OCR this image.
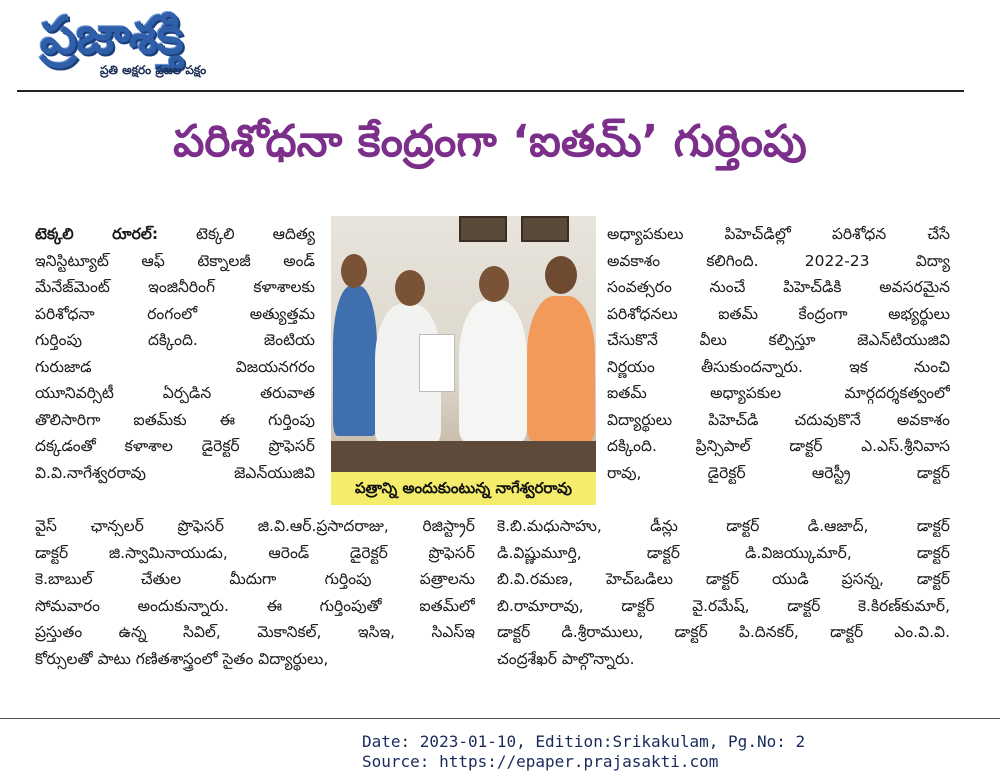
ప్రజాశక్తి
ప్రతి అక్షరం ప్రజల పక్షం
పరిశోధనా కేంద్రంగా ‘ఐతమ్‌’ గుర్తింపు
టెక్కలి రూరల్‌: టెక్కలి ఆదిత్య
ఇనిస్టిట్యూట్‌ ఆఫ్‌ టెక్నాలజీ అండ్‌
మేనేజ్‌మెంట్‌ ఇంజినీరింగ్‌ కళాశాలకు
పరిశోధనా రంగంలో అత్యుత్తమ
గుర్తింపు దక్కింది. జెంటియ
గురుజాడ విజయనగరం
యూనివర్సిటీ ఏర్పడిన తరువాత
తొలిసారిగా ఐతమ్‌కు ఈ గుర్తింపు
దక్కడంతో కళాశాల డైరెక్టర్‌ ప్రొఫెసర్‌
వి.వి.నాగేశ్వరరావు జెఎన్‌యుజివి
పత్రాన్ని అందుకుంటున్న నాగేశ్వరరావు
అధ్యాపకులు పిహెచ్‌డిల్లో పరిశోధన చేసే
అవకాశం కలిగింది. 2022-23 విద్యా
సంవత్సరం నుంచే పిహెచ్‌డికి అవసరమైన
పరిశోధనలు ఐతమ్‌ కేంద్రంగా అభ్యర్థులు
చేసుకొనే వీలు కల్పిస్తూ జెఎన్‌టియుజివి
నిర్ణయం తీసుకుందన్నారు. ఇక నుంచి
ఐతమ్‌ అధ్యాపకుల మార్గదర్శకత్వంలో
విద్యార్థులు పిహెచ్‌డి చదువుకొనే అవకాశం
దక్కింది. ప్రిన్సిపాల్‌ డాక్టర్‌ ఎ.ఎస్‌.శ్రీనివాస
రావు, డైరెక్టర్‌ ఆరెస్ట్రీ డాక్టర్‌
వైస్‌ ఛాన్సలర్‌ ప్రొఫెసర్‌ జి.వి.ఆర్‌.ప్రసాదరాజు, రిజిస్ట్రార్‌
డాక్టర్‌ జి.స్వామినాయుడు, ఆరెండ్‌ డైరెక్టర్‌ ప్రొఫెసర్‌
కె.బాబుల్‌ చేతుల మీదుగా గుర్తింపు పత్రాలను
సోమవారం అందుకున్నారు. ఈ గుర్తింపుతో ఐతమ్‌లో
ప్రస్తుతం ఉన్న సివిల్‌, మెకానికల్‌, ఇసిఇ, సిఎస్‌ఇ
కోర్సులతో పాటు గణితశాస్త్రంలో సైతం విద్యార్థులు,
కె.బి.మధుసాహు, డీన్లు డాక్టర్‌ డి.ఆజాద్‌, డాక్టర్‌
డి.విష్ణుమూర్తి, డాక్టర్‌ డి.విజయ్కుమార్‌, డాక్టర్‌
బి.వి.రమణ, హెచ్‌ఒడిలు డాక్టర్‌ యుడి ప్రసన్న, డాక్టర్‌
బి.రామారావు, డాక్టర్‌ వై.రమేష్‌, డాక్టర్‌ కె.కిరణ్‌కుమార్‌,
డాక్టర్‌ డి.శ్రీరాములు, డాక్టర్‌ పి.దినకర్‌, డాక్టర్‌ ఎం.వి.వి.
చంద్రశేఖర్‌ పాల్గొన్నారు.
Date: 2023-01-10, Edition:Srikakulam, Pg.No: 2
Source: https://epaper.prajasakti.com
